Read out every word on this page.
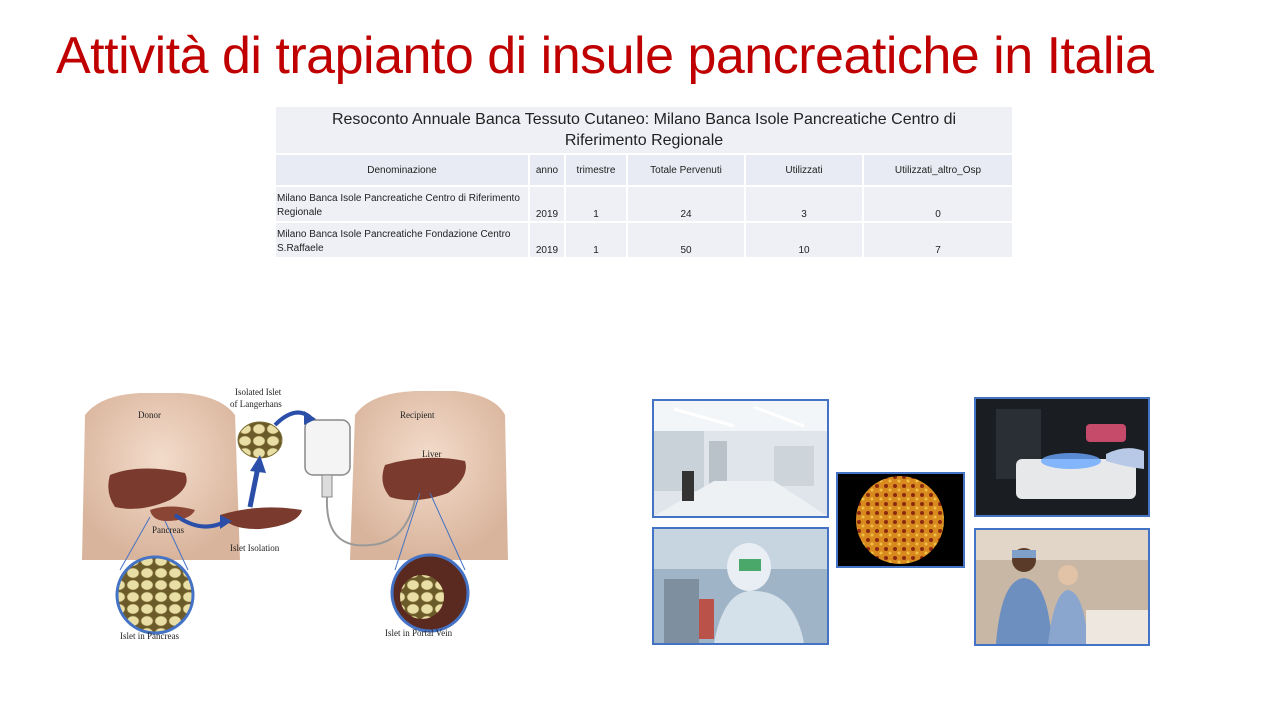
Attività di trapianto di insule pancreatiche in Italia
Resoconto Annuale Banca Tessuto Cutaneo: Milano Banca Isole Pancreatiche Centro di Riferimento Regionale					
Denominazione	anno	trimestre	Totale Pervenuti	Utilizzati	Utilizzati_altro_Osp
Milano Banca Isole Pancreatiche Centro di Riferimento Regionale	2019	1	24	3	0
Milano Banca Isole Pancreatiche Fondazione Centro S.Raffaele	2019	1	50	10	7
Donor	Recipient
Isolated Islet
of Langerhans
Liver
Pancreas
Islet Isolation
Islet in Pancreas	Islet in Portal Vein
